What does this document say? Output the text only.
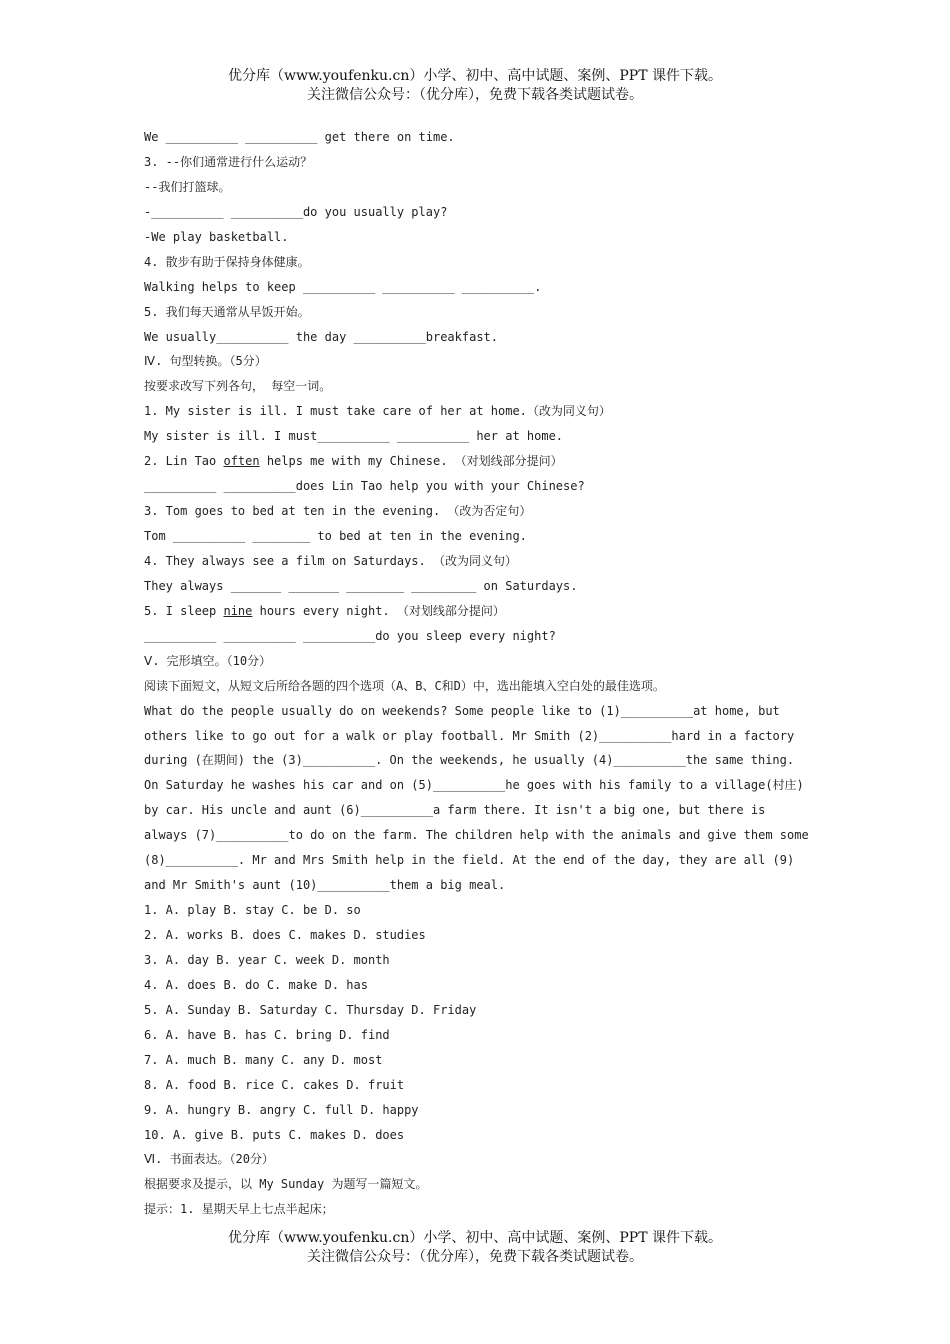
优分库（www.youfenku.cn）小学、初中、高中试题、案例、PPT 课件下载。
关注微信公众号：（优分库），免费下载各类试题试卷。
We __________ __________ get there on time.
3. --你们通常进行什么运动？
--我们打篮球。
-__________ __________do you usually play?
-We play basketball.
4. 散步有助于保持身体健康。
Walking helps to keep __________ __________ __________.
5. 我们每天通常从早饭开始。
We usually__________ the day __________breakfast.
Ⅳ. 句型转换。（5分）
按要求改写下列各句， 每空一词。
1. My sister is ill. I must take care of her at home.（改为同义句）
My sister is ill. I must__________ __________ her at home.
2. Lin Tao often helps me with my Chinese. （对划线部分提问）
__________ __________does Lin Tao help you with your Chinese?
3. Tom goes to bed at ten in the evening. （改为否定句）
Tom __________ ________ to bed at ten in the evening.
4. They always see a film on Saturdays. （改为同义句）
They always _______ _______ ________ _________ on Saturdays.
5. I sleep nine hours every night. （对划线部分提问）
__________ __________ __________do you sleep every night?
Ⅴ. 完形填空。（10分）
阅读下面短文，从短文后所给各题的四个选项（A、B、C和D）中，选出能填入空白处的最佳选项。
What do the people usually do on weekends? Some people like to (1)__________at home, but
others like to go out for a walk or play football. Mr Smith (2)__________hard in a factory
during (在期间) the (3)__________. On the weekends, he usually (4)__________the same thing.
On Saturday he washes his car and on (5)__________he goes with his family to a village(村庄)
by car. His uncle and aunt (6)__________a farm there. It isn't a big one, but there is
always (7)__________to do on the farm. The children help with the animals and give them some
(8)__________. Mr and Mrs Smith help in the field. At the end of the day, they are all (9)
and Mr Smith's aunt (10)__________them a big meal.
1. A. play B. stay C. be D. so
2. A. works B. does C. makes D. studies
3. A. day B. year C. week D. month
4. A. does B. do C. make D. has
5. A. Sunday B. Saturday C. Thursday D. Friday
6. A. have B. has C. bring D. find
7. A. much B. many C. any D. most
8. A. food B. rice C. cakes D. fruit
9. A. hungry B. angry C. full D. happy
10. A. give B. puts C. makes D. does
Ⅵ. 书面表达。（20分）
根据要求及提示，以 My Sunday 为题写一篇短文。
提示：1. 星期天早上七点半起床；
优分库（www.youfenku.cn）小学、初中、高中试题、案例、PPT 课件下载。
关注微信公众号：（优分库），免费下载各类试题试卷。
